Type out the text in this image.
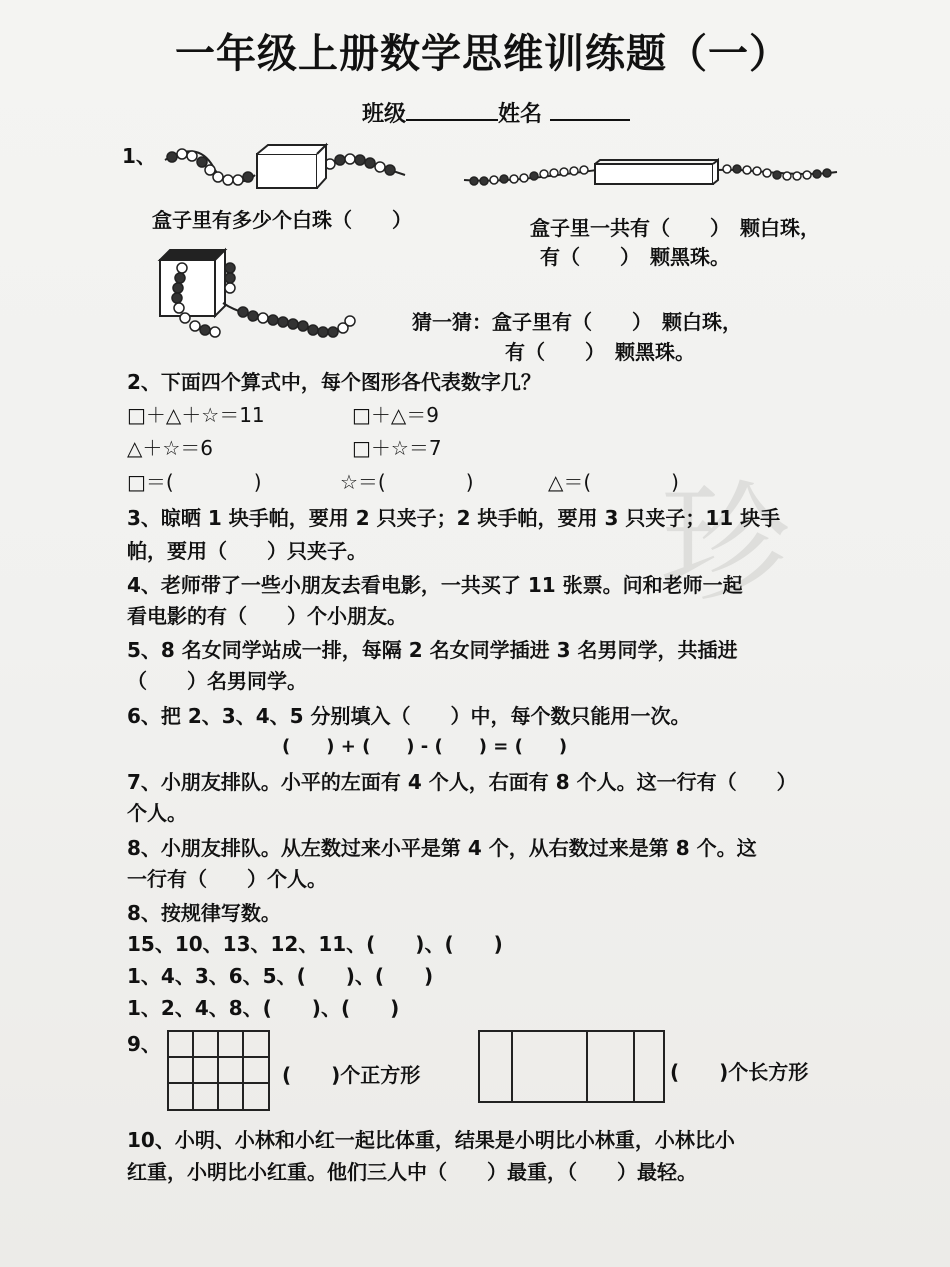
珍
一年级上册数学思维训练题（一）
班级	姓名
1、
盒子里有多少个白珠（　　）	盒子里一共有（　　）　颗白珠，
有（　　）　颗黑珠。
猜一猜：盒子里有（　　）　颗白珠，
有（　　）　颗黑珠。
2、下面四个算式中，每个图形各代表数字几？
□＋△＋☆＝11	□＋△＝9
△＋☆＝6	□＋☆＝7
□＝(　　　　)	☆＝(　　　　)	△＝(　　　　)
3、晾晒 1 块手帕，要用 2 只夹子；2 块手帕，要用 3 只夹子；11 块手
帕，要用（　　）只夹子。
4、老师带了一些小朋友去看电影，一共买了 11 张票。问和老师一起
看电影的有（　　）个小朋友。
5、8 名女同学站成一排，每隔 2 名女同学插进 3 名男同学，共插进
（　　）名男同学。
6、把 2、3、4、5 分别填入（　　）中，每个数只能用一次。
(　　) + (　　) - (　　) = (　　)
7、小朋友排队。小平的左面有 4 个人，右面有 8 个人。这一行有（　　）
个人。
8、小朋友排队。从左数过来小平是第 4 个，从右数过来是第 8 个。这
一行有（　　）个人。
8、按规律写数。
15、10、13、12、11、(　　)、(　　)
1、4、3、6、5、(　　)、(　　)
1、2、4、8、(　　)、(　　)
9、
(　　)个正方形	(　　)个长方形
10、小明、小林和小红一起比体重，结果是小明比小林重，小林比小
红重，小明比小红重。他们三人中（　　）最重，（　　）最轻。
